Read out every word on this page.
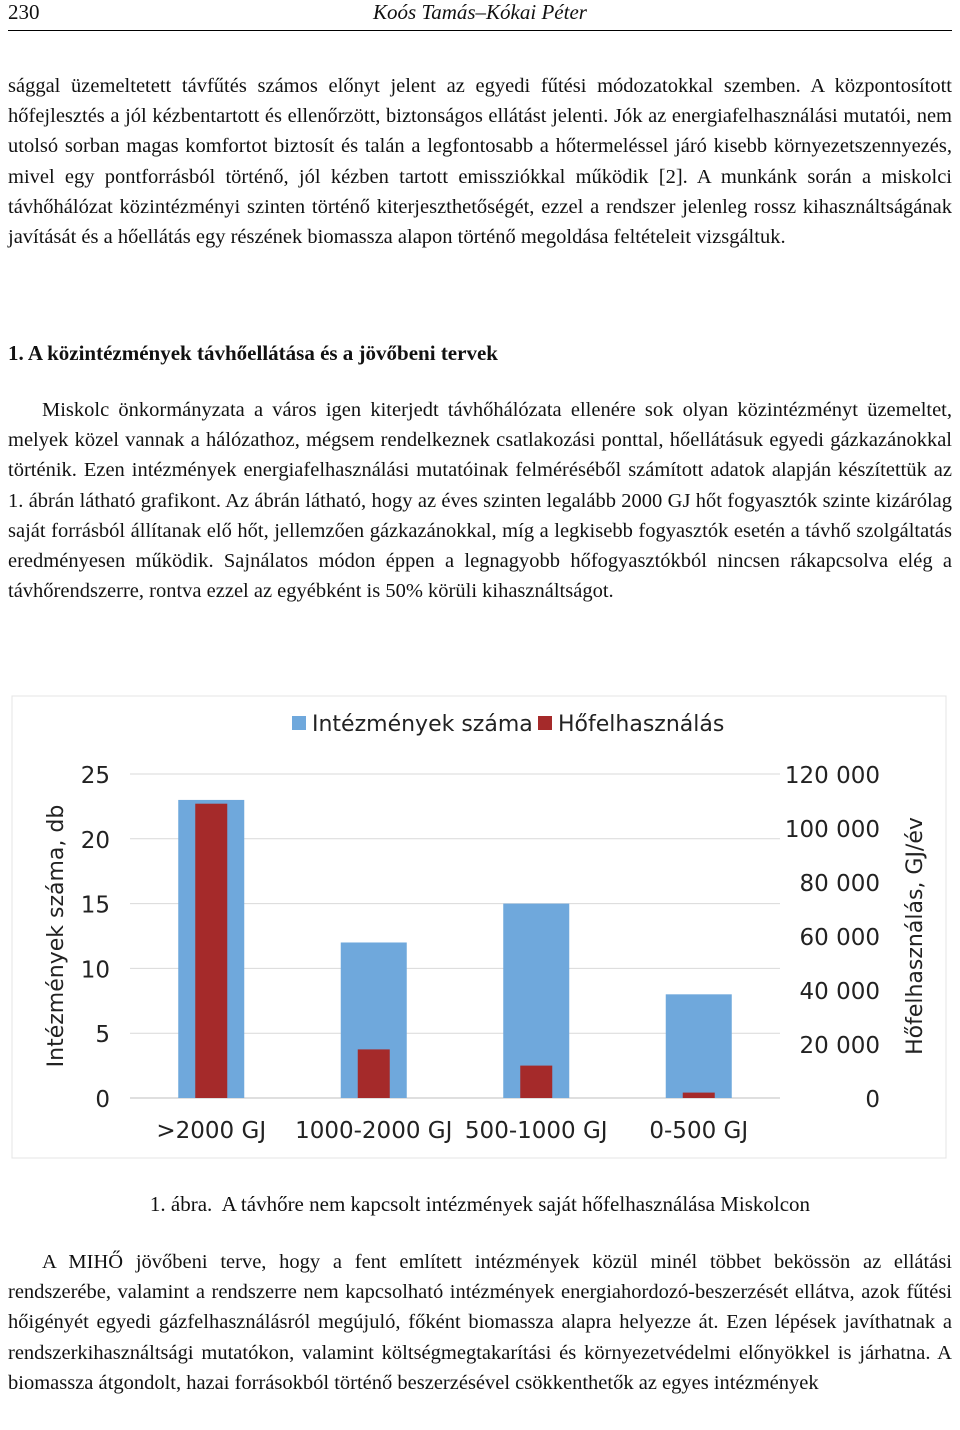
230	Koós Tamás–Kókai Péter

sággal üzemeltetett távfűtés számos előnyt jelent az egyedi fűtési módozatokkal szemben. A központosított hőfejlesztés a jól kézbentartott és ellenőrzött, biztonságos ellátást jelenti. Jók az energiafelhasználási mutatói, nem utolsó sorban magas komfortot biztosít és talán a legfontosabb a hőtermeléssel járó kisebb környezetszennyezés, mivel egy pontforrásból történő, jól kézben tartott emissziókkal működik [2]. A munkánk során a miskolci távhőhálózat közintézményi szinten történő kiterjeszthetőségét, ezzel a rendszer jelenleg rossz kihasználtságának javítását és a hőellátás egy részének biomassza alapon történő megoldása feltételeit vizsgáltuk.

1. A közintézmények távhőellátása és a jövőbeni tervek

Miskolc önkormányzata a város igen kiterjedt távhőhálózata ellenére sok olyan közintézményt üzemeltet, melyek közel vannak a hálózathoz, mégsem rendelkeznek csatlakozási ponttal, hőellátásuk egyedi gázkazánokkal történik. Ezen intézmények energiafelhasználási mutatóinak felméréséből számított adatok alapján készítettük az 1. ábrán látható grafikont. Az ábrán látható, hogy az éves szinten legalább 2000 GJ hőt fogyasztók szinte kizárólag saját forrásból állítanak elő hőt, jellemzően gázkazánokkal, míg a legkisebb fogyasztók esetén a távhő szolgáltatás eredményesen működik. Sajnálatos módon éppen a legnagyobb hőfogyasztókból nincsen rákapcsolva elég a távhőrendszerre, rontva ezzel az egyébként is 50% körüli kihasználtságot.

0
5
10
15
20
25
0
20 000
40 000
60 000
80 000
100 000
120 000
>2000 GJ 1000-2000 GJ 500-1000 GJ 0-500 GJ
Intézmények száma, db	Hőfelhasználás, GJ/év
Intézmények száma Hőfelhasználás

1. ábra. A távhőre nem kapcsolt intézmények saját hőfelhasználása Miskolcon

A MIHŐ jövőbeni terve, hogy a fent említett intézmények közül minél többet bekössön az ellátási rendszerébe, valamint a rendszerre nem kapcsolható intézmények energiahordozó-beszerzését ellátva, azok fűtési hőigényét egyedi gázfelhasználásról megújuló, főként biomassza alapra helyezze át. Ezen lépések javíthatnak a rendszerkihasználtsági mutatókon, valamint költségmegtakarítási és környezetvédelmi előnyökkel is járhatna. A biomassza átgondolt, hazai forrásokból történő beszerzésével csökkenthetők az egyes intézmények
